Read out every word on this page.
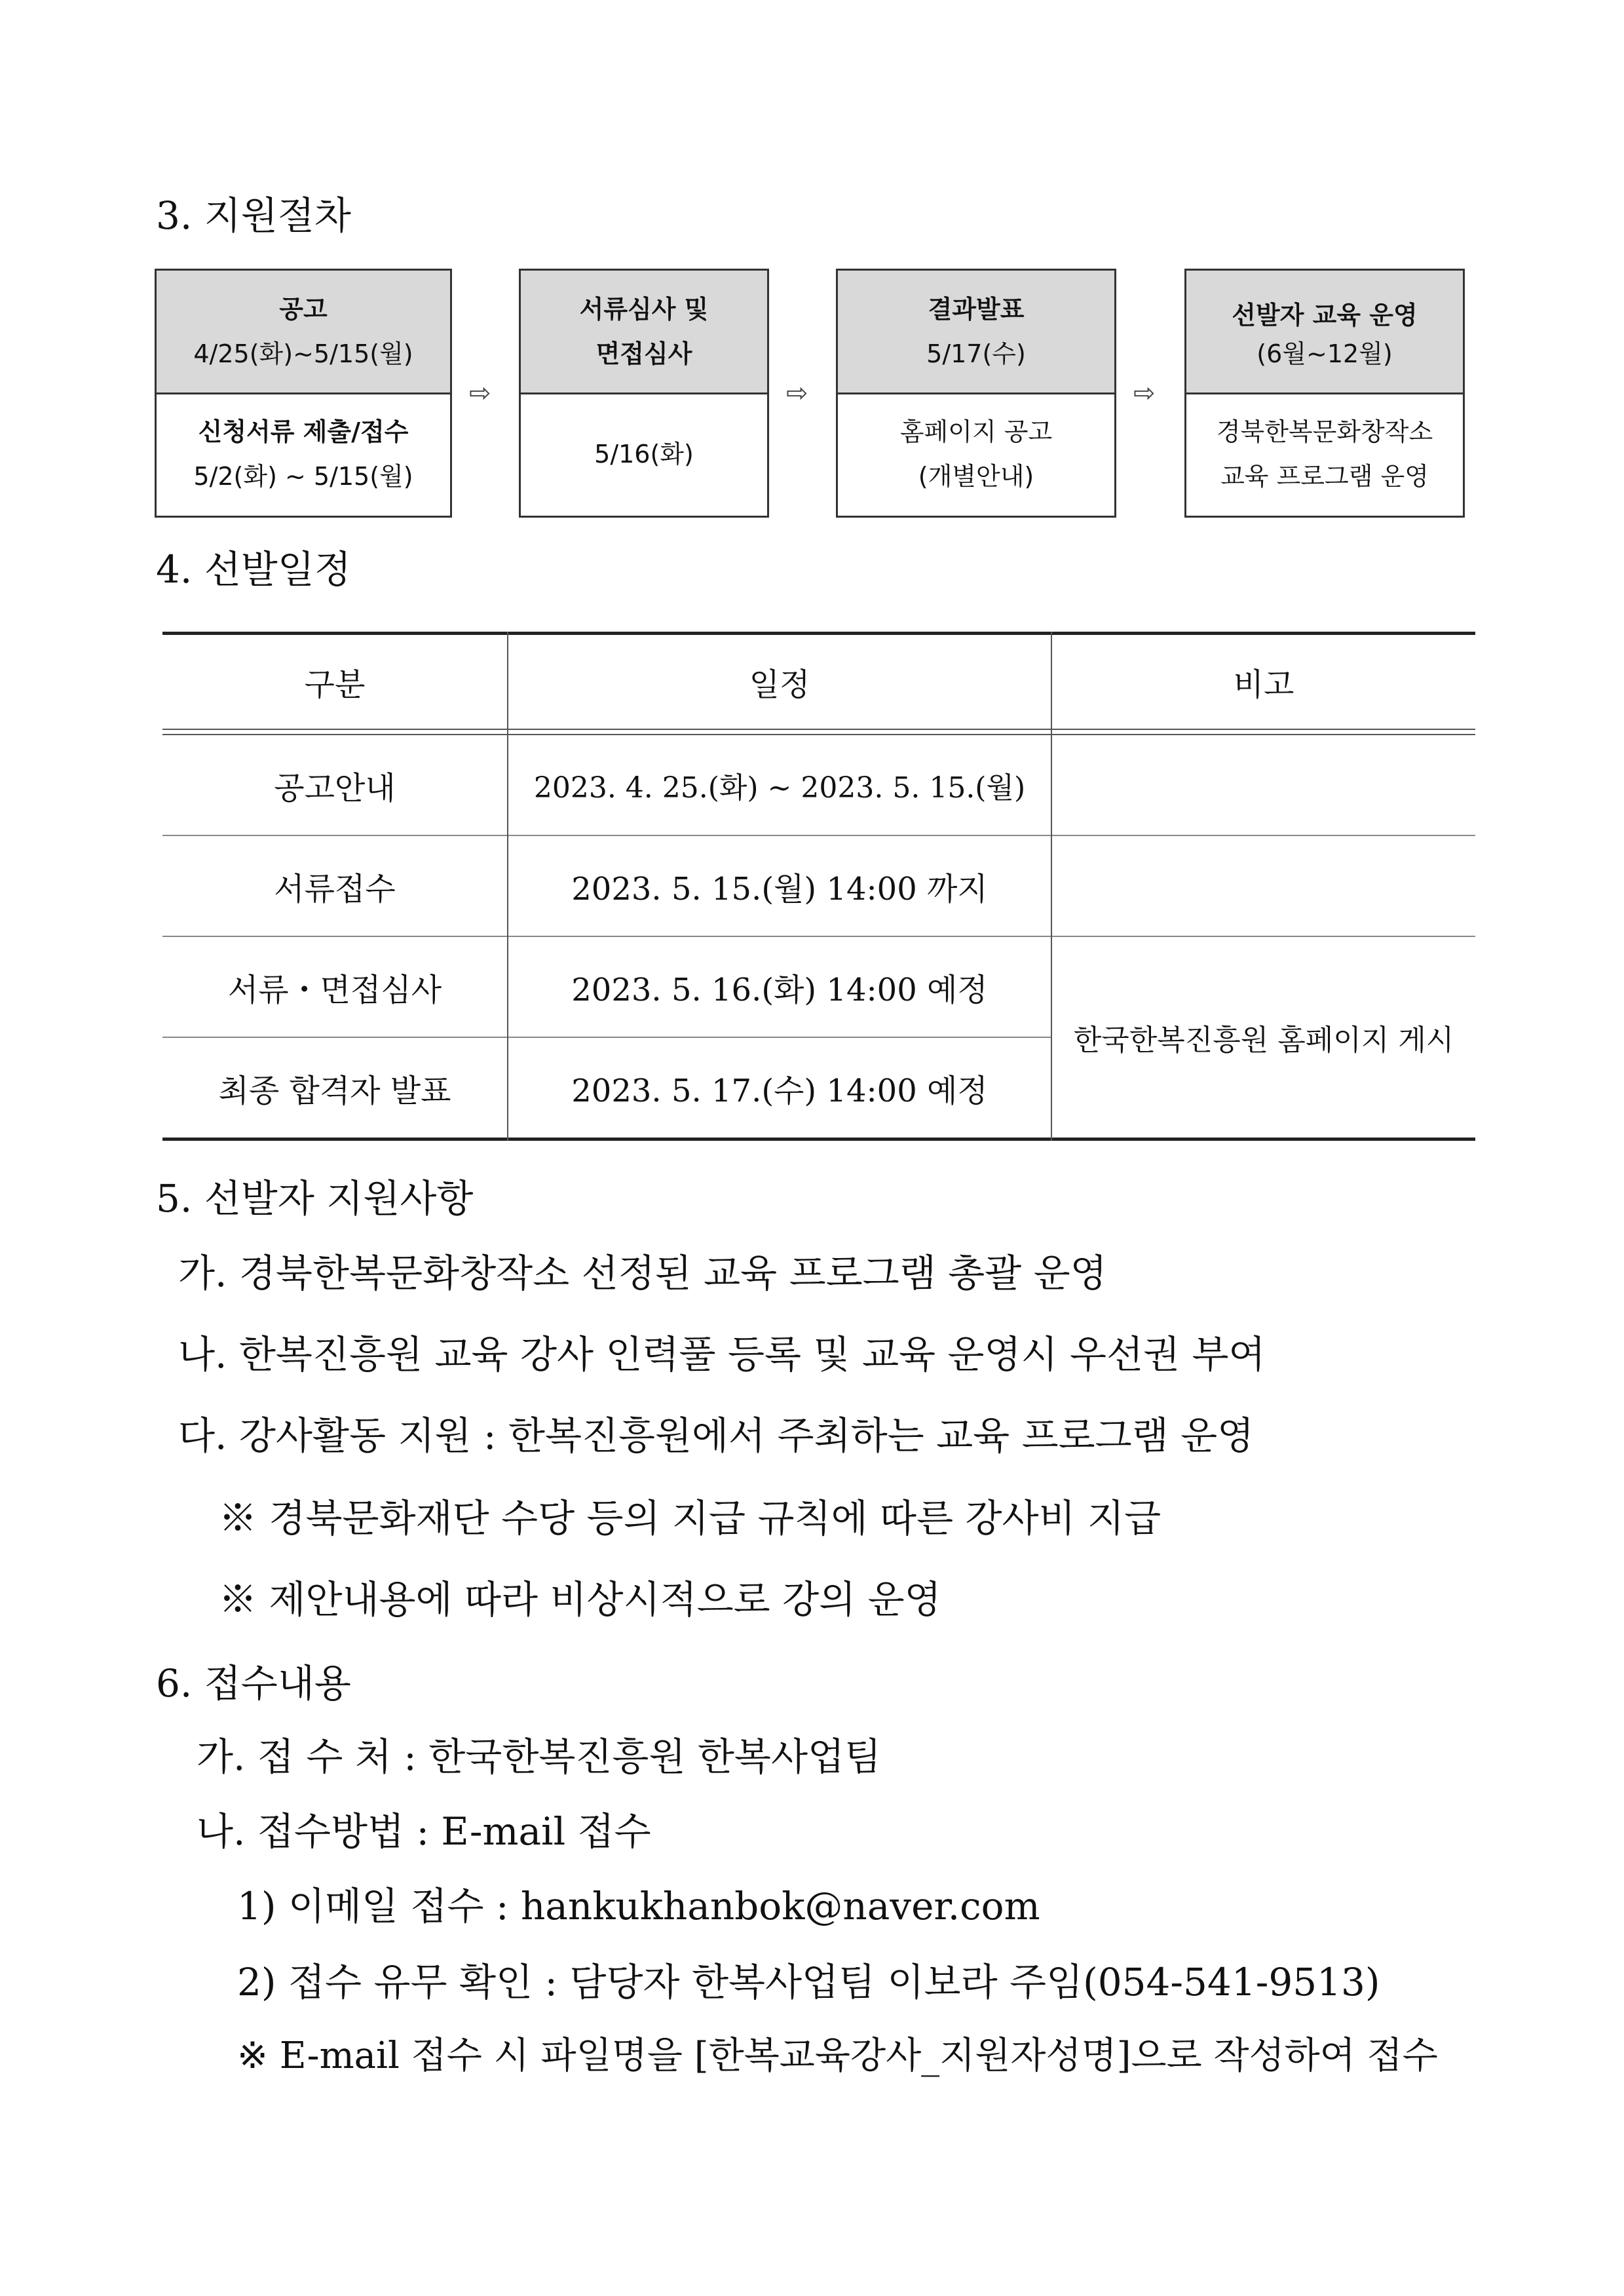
3. 지원절차
공고
4/25(화)~5/15(월)
신청서류 제출/접수
5/2(화) ~ 5/15(월)
⇨
서류심사 및
면접심사
5/16(화)
⇨
결과발표
5/17(수)
홈페이지 공고
(개별안내)
⇨
선발자 교육 운영
(6월~12월)
경북한복문화창작소
교육 프로그램 운영
4. 선발일정
구분	일정	비고
공고안내	2023. 4. 25.(화) ~ 2023. 5. 15.(월)
서류접수	2023. 5. 15.(월) 14:00 까지
서류・면접심사	2023. 5. 16.(화) 14:00 예정
최종 합격자 발표	2023. 5. 17.(수) 14:00 예정
한국한복진흥원 홈페이지 게시
5. 선발자 지원사항
가. 경북한복문화창작소 선정된 교육 프로그램 총괄 운영
나. 한복진흥원 교육 강사 인력풀 등록 및 교육 운영시 우선권 부여
다. 강사활동 지원 : 한복진흥원에서 주최하는 교육 프로그램 운영
※ 경북문화재단 수당 등의 지급 규칙에 따른 강사비 지급
※ 제안내용에 따라 비상시적으로 강의 운영
6. 접수내용
가. 접 수 처 : 한국한복진흥원 한복사업팀
나. 접수방법 : E-mail 접수
1) 이메일 접수 : hankukhanbok@naver.com
2) 접수 유무 확인 : 담당자 한복사업팀 이보라 주임(054-541-9513)
※ E-mail 접수 시 파일명을 [한복교육강사_지원자성명]으로 작성하여 접수
